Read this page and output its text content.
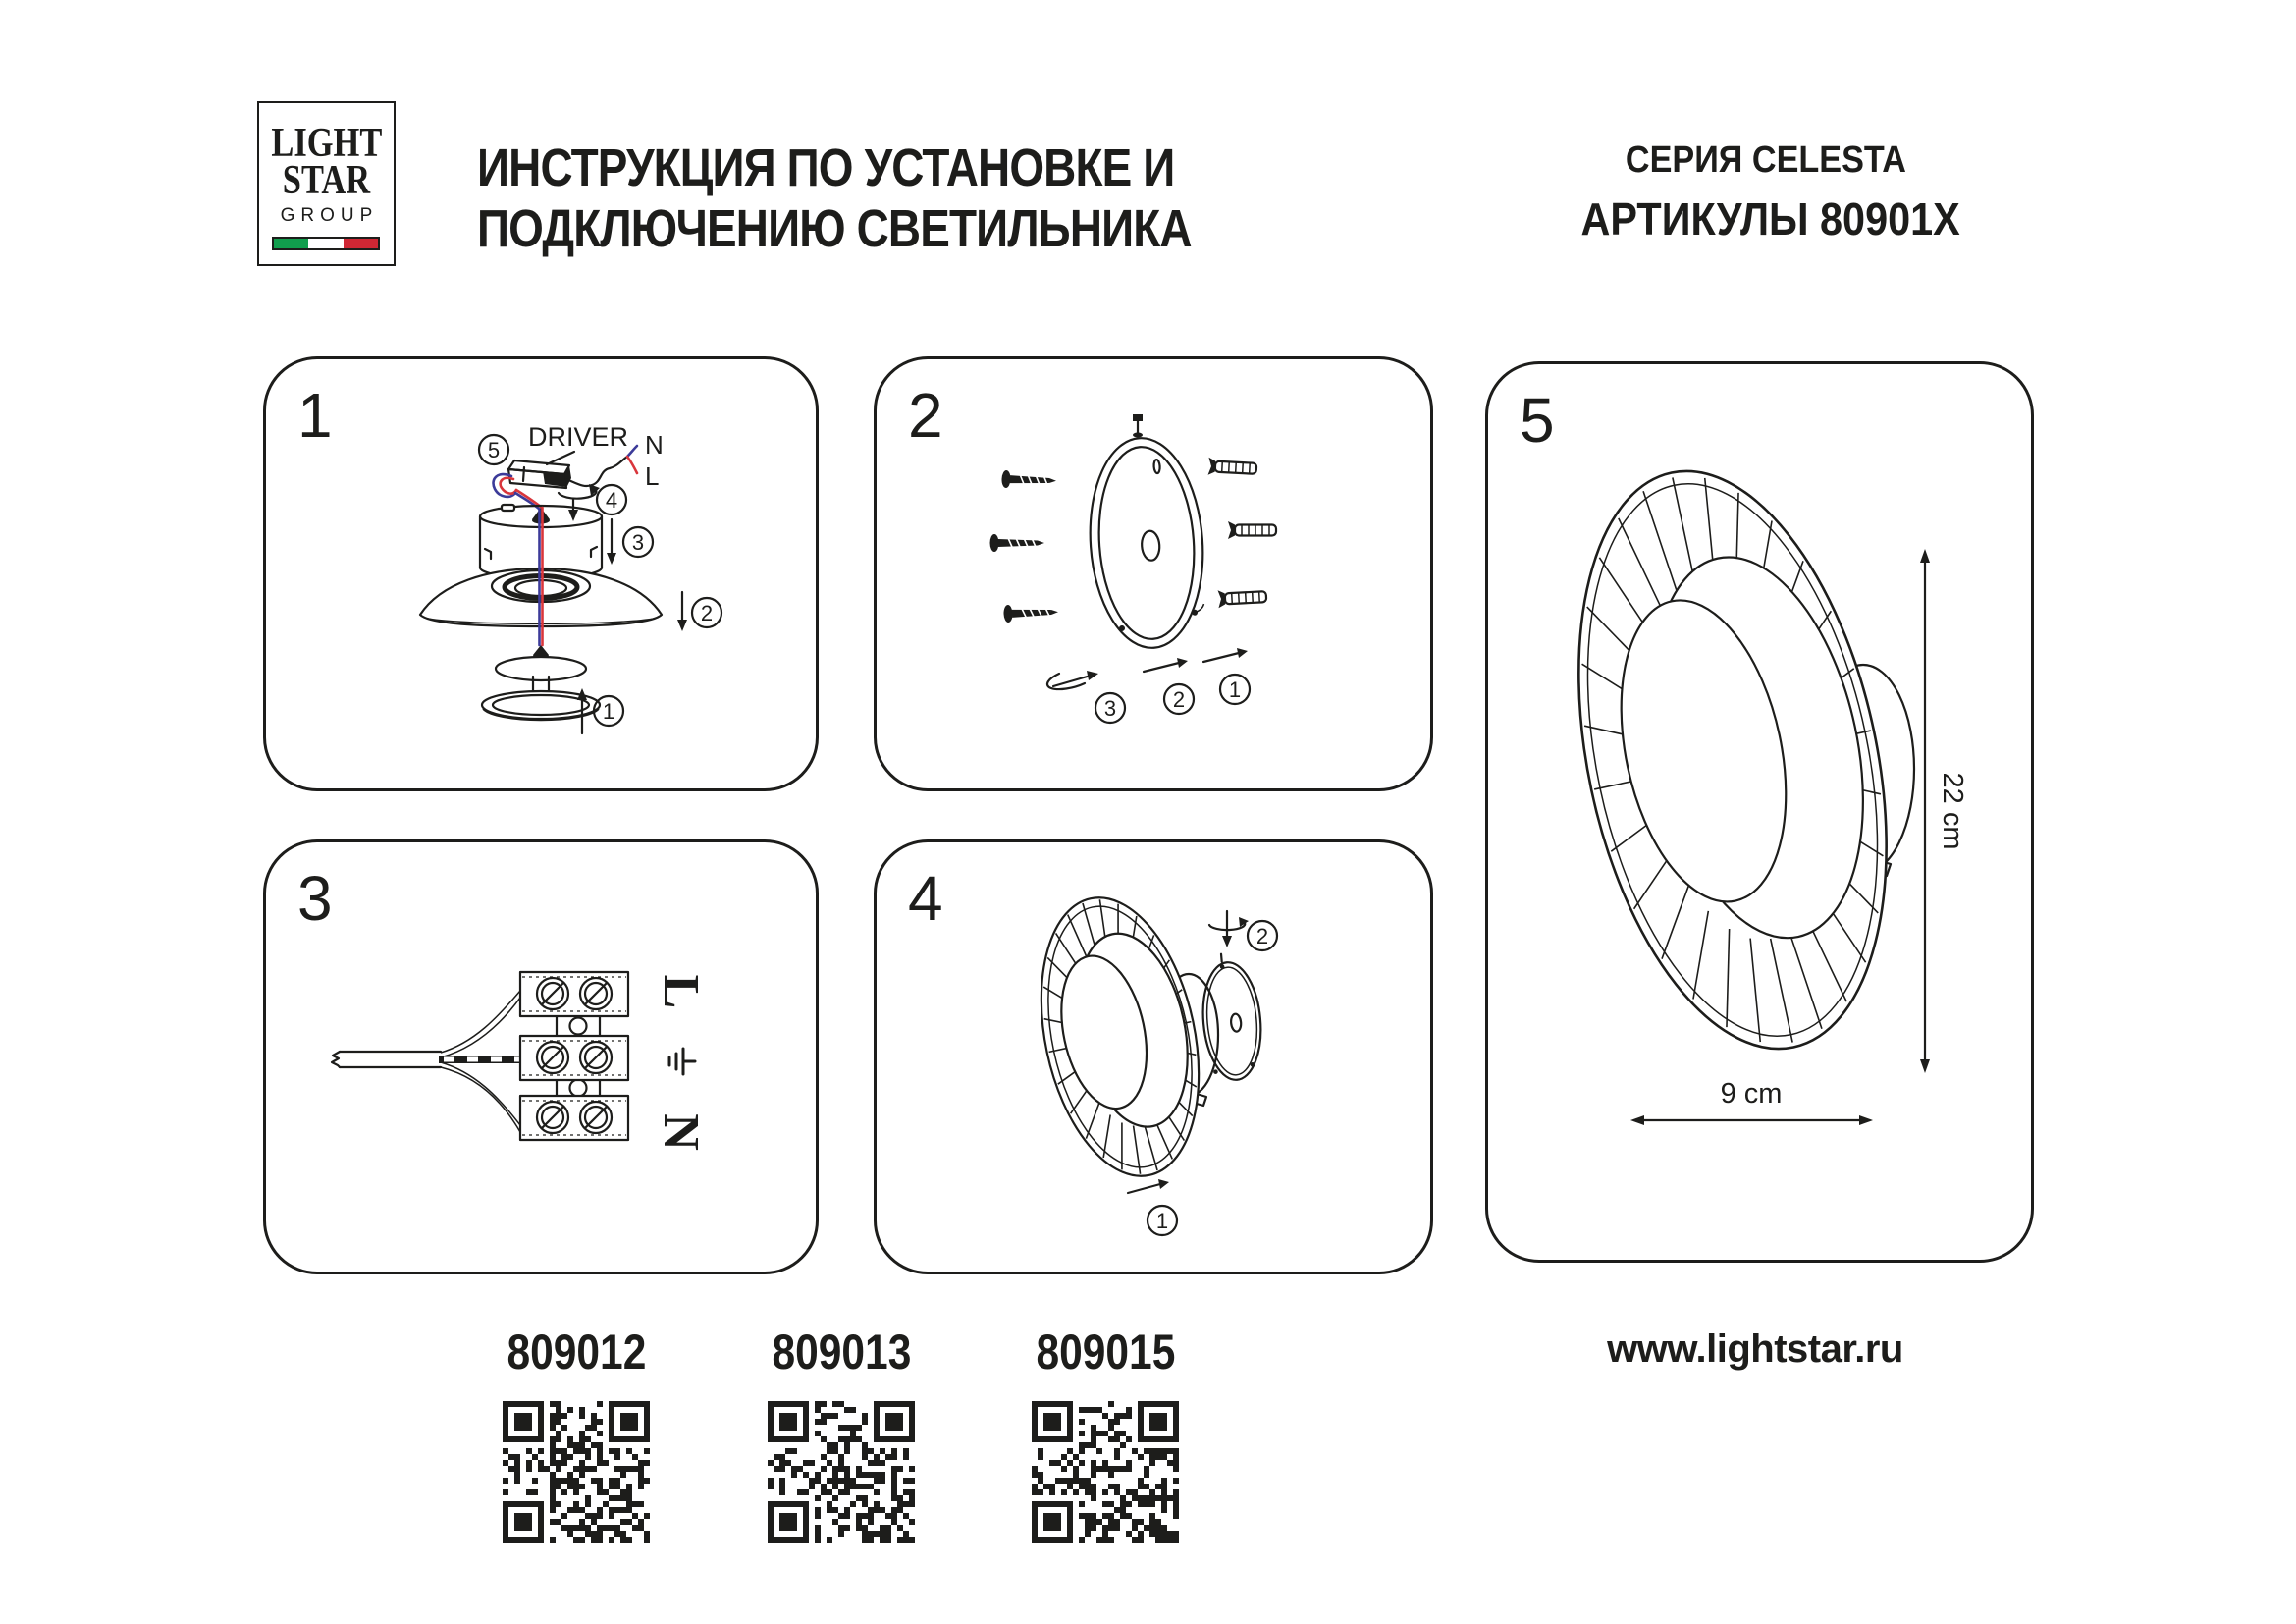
LIGHT
STAR
GROUP
ИНСТРУКЦИЯ ПО УСТАНОВКЕ И
ПОДКЛЮЧЕНИЮ СВЕТИЛЬНИКА
СЕРИЯ CELESTA
АРТИКУЛЫ 80901X
1	DRIVER N
L
5
4
3
2
1
2
3	2 1
3
L
N
4
2
1
5
22 cm
9 cm
809012	809013	809015	www.lightstar.ru
